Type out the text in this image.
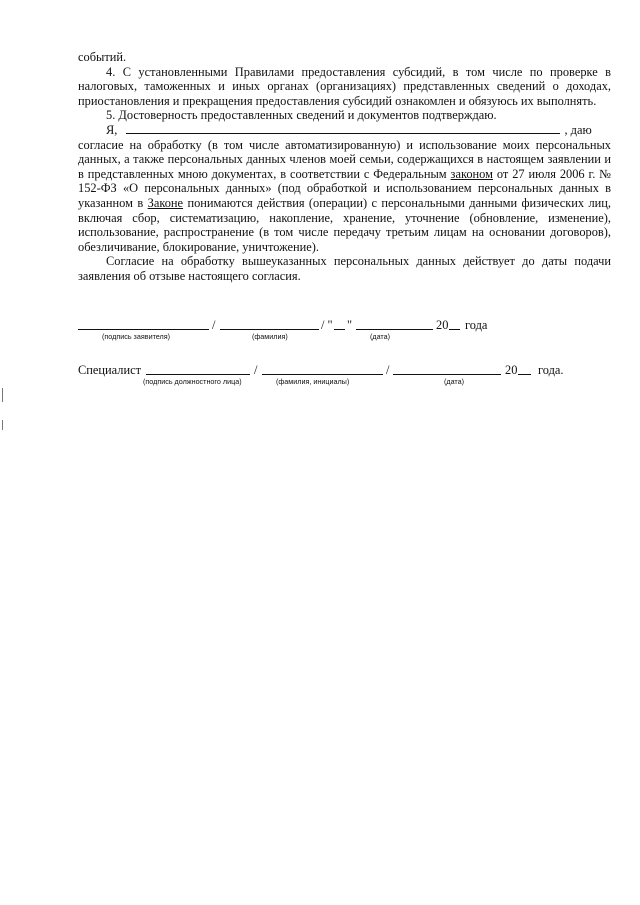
событий.

4. С установленными Правилами предоставления субсидий, в том числе по проверке в налоговых, таможенных и иных органах (организациях) представленных сведений о доходах, приостановления и прекращения предоставления субсидий ознакомлен и обязуюсь их выполнять.

5. Достоверность предоставленных сведений и документов подтверждаю.

Я,	, даю

согласие на обработку (в том числе автоматизированную) и использование моих персональных данных, а также персональных данных членов моей семьи, содержащихся в настоящем заявлении и в представленных мною документах, в соответствии с Федеральным законом от 27 июля 2006 г. № 152-ФЗ «О персональных данных» (под обработкой и использованием персональных данных в указанном в Законе понимаются действия (операции) с персональными данными физических лиц, включая сбор, систематизацию, накопление, хранение, уточнение (обновление, изменение), использование, распространение (в том числе передачу третьим лицам на основании договоров), обезличивание, блокирование, уничтожение).

Согласие на обработку вышеуказанных персональных данных действует до даты подачи заявления об отзыве настоящего согласия.

/	/ " "	20 года
(подпись заявителя)	(фамилия)	(дата)
Специалист	/	/	20 года.
(подпись должностного лица)	(фамилия, инициалы)	(дата)
